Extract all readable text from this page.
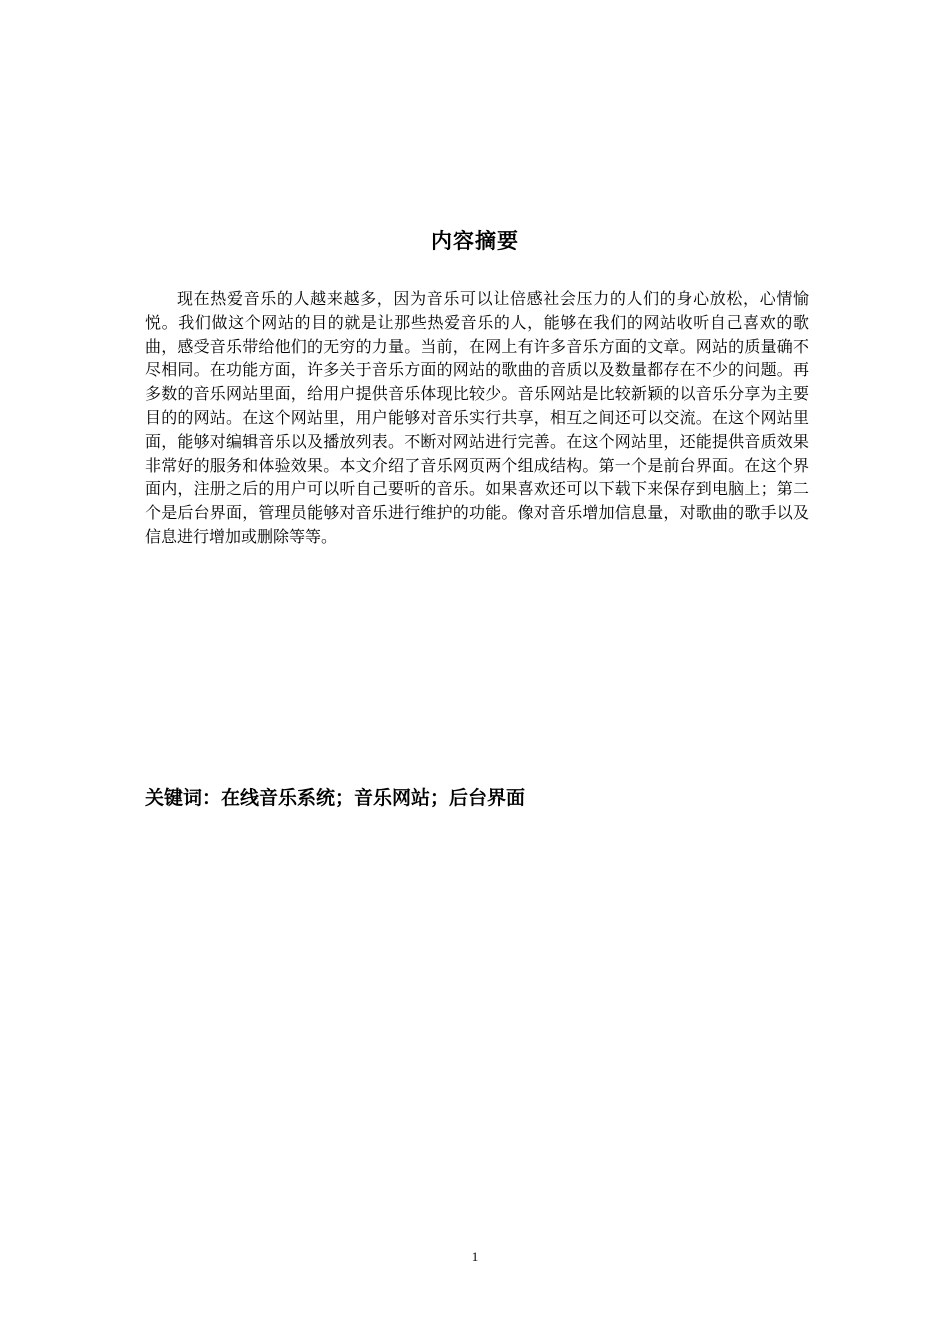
内容摘要

现在热爱音乐的人越来越多，因为音乐可以让倍感社会压力的人们的身心放松，心情愉悦。我们做这个网站的目的就是让那些热爱音乐的人，能够在我们的网站收听自己喜欢的歌曲，感受音乐带给他们的无穷的力量。当前，在网上有许多音乐方面的文章。网站的质量确不尽相同。在功能方面，许多关于音乐方面的网站的歌曲的音质以及数量都存在不少的问题。再多数的音乐网站里面，给用户提供音乐体现比较少。音乐网站是比较新颖的以音乐分享为主要目的的网站。在这个网站里，用户能够对音乐实行共享，相互之间还可以交流。在这个网站里面，能够对编辑音乐以及播放列表。不断对网站进行完善。在这个网站里，还能提供音质效果非常好的服务和体验效果。本文介绍了音乐网页两个组成结构。第一个是前台界面。在这个界面内，注册之后的用户可以听自己要听的音乐。如果喜欢还可以下载下来保存到电脑上；第二个是后台界面，管理员能够对音乐进行维护的功能。像对音乐增加信息量，对歌曲的歌手以及信息进行增加或删除等等。

关键词：在线音乐系统；音乐网站；后台界面
1
